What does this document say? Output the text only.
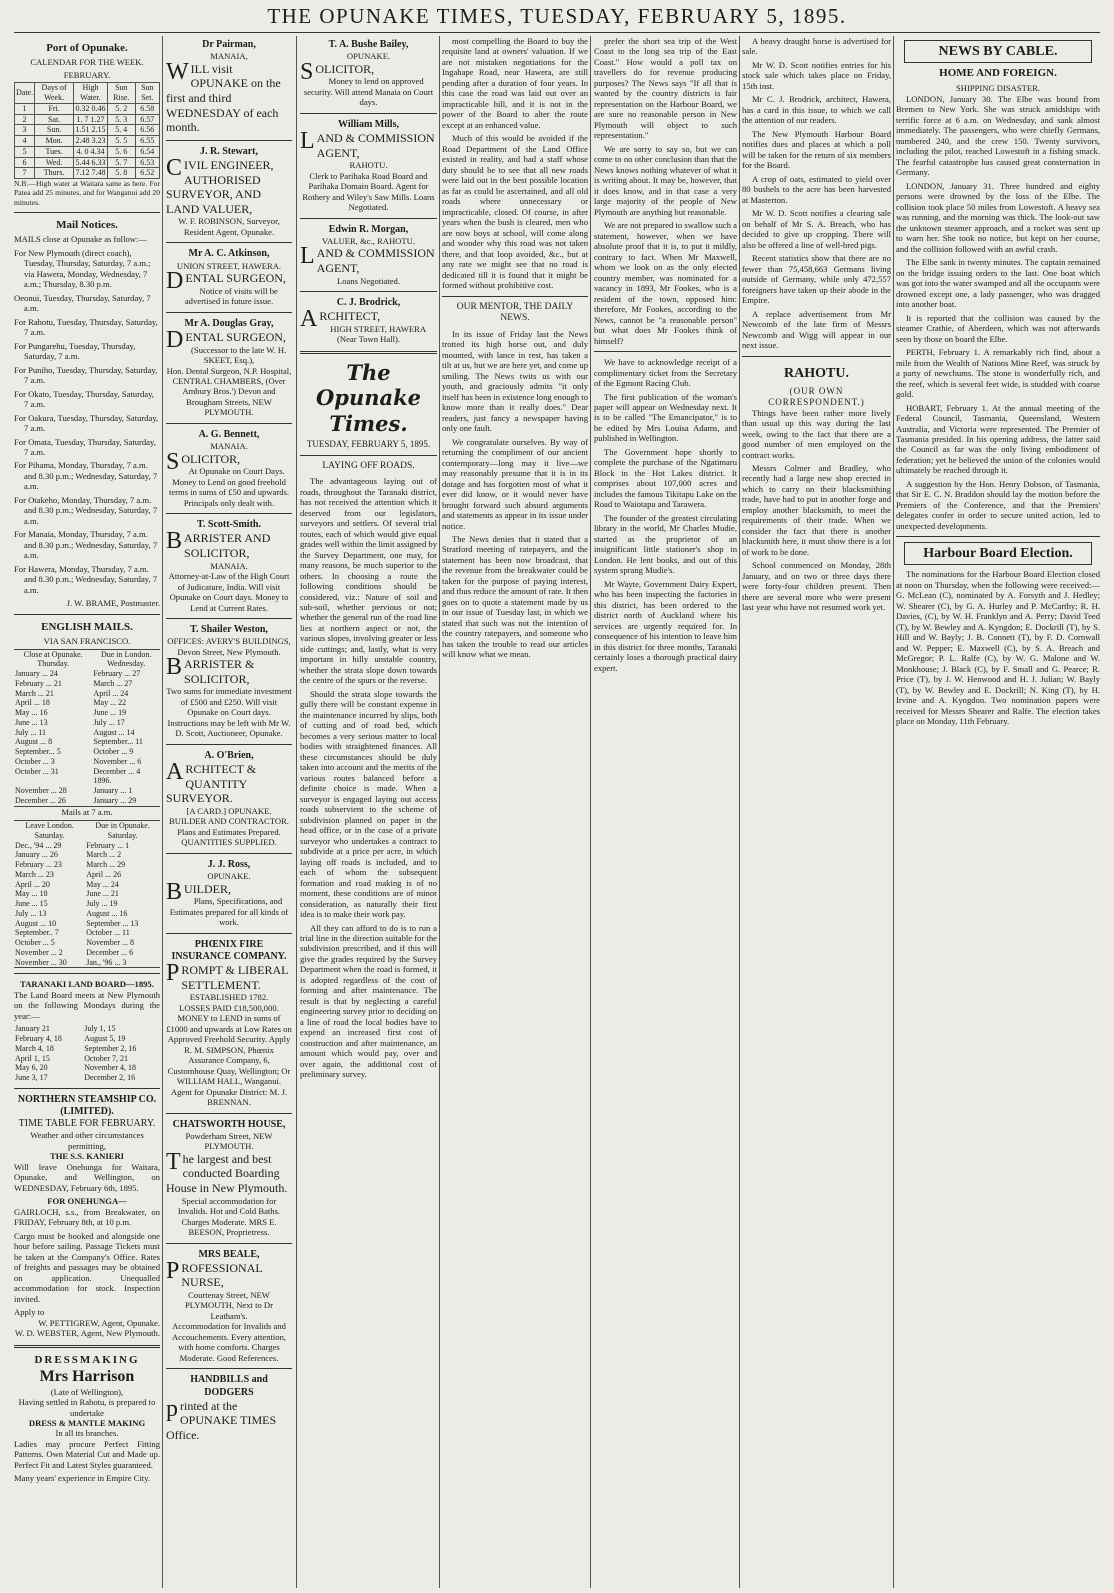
THE OPUNAKE TIMES, TUESDAY, FEBRUARY 5, 1895.
Port of Opunake.
CALENDAR FOR THE WEEK.
FEBRUARY.
Date.	Days of Week.	High Water.	Sun Rise.	Sun Set.
1	Fri.	0.32 0.46	5. 2	6.58
2	Sat.	1. 7 1.27	5. 3	6.57
3	Sun.	1.51 2.15	5. 4	6.56
4	Mon.	2.48 3.23	5. 5	6.55
5	Tues.	4. 0 4.34	5. 6	6.54
6	Wed.	5.44 6.33	5. 7	6.53
7	Thurs.	7.12 7.48	5. 8	6.52

N.B.—High water at Waitara same as here. For Patea add 25 minutes, and for Wanganui add 20 minutes.

Mail Notices.

MAILS close at Opunake as follow:—

For New Plymouth (direct coach), Tuesday, Thursday, Saturday, 7 a.m.; via Hawera, Monday, Wednesday, 7 a.m.; Thursday, 8.30 p.m.

Oeonui, Tuesday, Thursday, Saturday, 7 a.m.

For Rahotu, Tuesday, Thursday, Saturday, 7 a.m.

For Pungarehu, Tuesday, Thursday, Saturday, 7 a.m.

For Puniho, Tuesday, Thursday, Saturday, 7 a.m.

For Okato, Tuesday, Thursday, Saturday, 7 a.m.

For Oakura, Tuesday, Thursday, Saturday, 7 a.m.

For Omata, Tuesday, Thursday, Saturday, 7 a.m.

For Pihama, Monday, Thursday, 7 a.m. and 8.30 p.m.; Wednesday, Saturday, 7 a.m.

For Otakeho, Monday, Thursday, 7 a.m. and 8.30 p.m.; Wednesday, Saturday, 7 a.m.

For Manaia, Monday, Thursday, 7 a.m. and 8.30 p.m.; Wednesday, Saturday, 7 a.m.

For Hawera, Monday, Thursday, 7 a.m. and 8.30 p.m.; Wednesday, Saturday, 7 a.m.

J. W. BRAME, Postmaster.
ENGLISH MAILS.
VIA SAN FRANCISCO.
Close at Opunake.	Due in London.
Thursday.	Wednesday.
January ... 24	February ... 27
February ... 21	March ... 27
March ... 21	April ... 24
April ... 18	May ... 22
May ... 16	June ... 19
June ... 13	July ... 17
July ... 11	August ... 14
August ... 8	September... 11
September... 5	October ... 9
October ... 3	November ... 6
October ... 31	December ... 4
	1896.
November ... 28	January ... 1
December ... 26	January ... 29
Mails at 7 a.m.
Leave London.	Due in Opunake.
Saturday.	Saturday.
Dec., '94 ... 29	February ... 1
January ... 26	March ... 2
February ... 23	March ... 29
March ... 23	April ... 26
April ... 20	May ... 24
May ... 18	June ... 21
June ... 15	July ... 19
July ... 13	August ... 16
August ... 10	September ... 13
September.. 7	October ... 11
October ... 5	November ... 8
November ... 2	December ... 6
November ... 30	Jan., '96 ... 3
TARANAKI LAND BOARD—1895.

The Land Board meets at New Plymouth on the following Mondays during the year:—

January 21	July 1, 15
February 4, 18	August 5, 19
March 4, 18	September 2, 16
April 1, 15	October 7, 21
May 6, 20	November 4, 18
June 3, 17	December 2, 16
NORTHERN STEAMSHIP CO. (LIMITED).
TIME TABLE FOR FEBRUARY.
Weather and other circumstances permitting,
THE S.S. KANIERI

Will leave Onehunga for Waitara, Opunake, and Wellington, on WEDNESDAY, February 6th, 1895.

FOR ONEHUNGA—

GAIRLOCH, s.s., from Breakwater, on FRIDAY, February 8th, at 10 p.m.

Cargo must be booked and alongside one hour before sailing. Passage Tickets must be taken at the Company's Office. Rates of freights and passages may be obtained on application. Unequalled accommodation for stock. Inspection invited.

Apply to
W. PETTIGREW, Agent, Opunake.
W. D. WEBSTER, Agent, New Plymouth.
DRESSMAKING
Mrs Harrison
(Late of Wellington),
Having settled in Rahotu, is prepared to undertake
DRESS & MANTLE MAKING
In all its branches.

Ladies may procure Perfect Fitting Patterns. Own Material Cut and Made up. Perfect Fit and Latest Styles guaranteed.

Many years' experience in Empire City.

Dr Pairman,
MANAIA,
WILL visit OPUNAKE on the first and third WEDNESDAY of each month.
J. R. Stewart,
CIVIL ENGINEER, AUTHORISED SURVEYOR, AND LAND VALUER,

W. F. ROBINSON, Surveyor, Resident Agent, Opunake.

Mr A. C. Atkinson,
UNION STREET, HAWERA.
DENTAL SURGEON,

Notice of visits will be advertised in future issue.

Mr A. Douglas Gray,
DENTAL SURGEON,
(Successor to the late W. H. SKEET, Esq.),

Hon. Dental Surgeon, N.P. Hospital, CENTRAL CHAMBERS, (Over Ambury Bros.') Devon and Brougham Streets, NEW PLYMOUTH.

A. G. Bennett,
MANAIA.
SOLICITOR,

At Opunake on Court Days. Money to Lend on good freehold terms in sums of £50 and upwards. Principals only dealt with.

T. Scott-Smith.
BARRISTER AND SOLICITOR,
MANAIA.

Attorney-at-Law of the High Court of Judicature, India. Will visit Opunake on Court days. Money to Lend at Current Rates.

T. Shailer Weston,
OFFICES: AVERY'S BUILDINGS, Devon Street, New Plymouth.
BARRISTER & SOLICITOR,

Two sums for immediate investment of £500 and £250. Will visit Opunake on Court days. Instructions may be left with Mr W. D. Scott, Auctioneer, Opunake.

A. O'Brien,
ARCHITECT & QUANTITY SURVEYOR.
[A CARD.] OPUNAKE.

BUILDER AND CONTRACTOR. Plans and Estimates Prepared. QUANTITIES SUPPLIED.

J. J. Ross,
OPUNAKE.
BUILDER,

Plans, Specifications, and Estimates prepared for all kinds of work.

PHŒNIX FIRE INSURANCE COMPANY.
PROMPT & LIBERAL SETTLEMENT.
ESTABLISHED 1782.

LOSSES PAID £18,500,000. MONEY to LEND in sums of £1000 and upwards at Low Rates on Approved Freehold Security. Apply R. M. SIMPSON, Phœnix Assurance Company, 6, Customhouse Quay, Wellington; Or WILLIAM HALL, Wanganui. Agent for Opunake District: M. J. BRENNAN.

CHATSWORTH HOUSE,
Powderham Street, NEW PLYMOUTH.
The largest and best conducted Boarding House in New Plymouth.

Special accommodation for Invalids. Hot and Cold Baths. Charges Moderate. MRS E. BEESON, Proprietress.

MRS BEALE,
PROFESSIONAL NURSE,
Courtenay Street, NEW PLYMOUTH, Next to Dr Leatham's.

Accommodation for Invalids and Accouchements. Every attention, with home comforts. Charges Moderate. Good References.

HANDBILLS and DODGERS
printed at the OPUNAKE TIMES Office.
T. A. Bushe Bailey,
OPUNAKE.
SOLICITOR,

Money to lend on approved security. Will attend Manaia on Court days.

William Mills,
LAND & COMMISSION AGENT,
RAHOTU.

Clerk to Parihaka Road Board and Parihaka Domain Board. Agent for Rothery and Wiley's Saw Mills. Loans Negotiated.

Edwin R. Morgan,
VALUER, &c., RAHOTU.
LAND & COMMISSION AGENT,

Loans Negotiated.

C. J. Brodrick,
ARCHITECT,
HIGH STREET, HAWERA

(Near Town Hall).

The Opunake Times.
TUESDAY, FEBRUARY 5, 1895.
LAYING OFF ROADS.

The advantageous laying out of roads, throughout the Taranaki district, has not received the attention which it deserved from our legislators, surveyors and settlers. Of several trial routes, each of which would give equal grades well within the limit assigned by the Survey Department, one may, for many reasons, be much superior to the others. In choosing a route the following conditions should be considered, viz.: Nature of soil and sub-soil, whether pervious or not; whether the general run of the road line lies at northern aspect or not, the various slopes, involving greater or less side cuttings; and, lastly, what is very important in hilly unstable country, whether the strata slope down towards the centre of the spurs or the reverse.

Should the strata slope towards the gully there will be constant expense in the maintenance incurred by slips, both of cutting and of road bed, which becomes a very serious matter to local bodies with straightened finances. All these circumstances should be duly taken into account and the merits of the various routes balanced before a definite choice is made. When a surveyor is engaged laying out access roads subservient to the scheme of subdivision planned on paper in the head office, or in the case of a private surveyor who undertakes a contract to subdivide at a price per acre, in which laying off roads is included, and to each of whom the subsequent formation and road making is of no moment, these conditions are of minor consideration, as naturally their first idea is to make their work pay.

All they can afford to do is to run a trial line in the direction suitable for the subdivision prescribed, and if this will give the grades required by the Survey Department when the road is formed, it is adopted regardless of the cost of forming and after maintenance. The result is that by neglecting a careful engineering survey prior to deciding on a line of road the local bodies have to expend an increased first cost of construction and after maintenance, an amount which would pay, over and over again, the additional cost of preliminary survey.

most compelling the Board to buy the requisite land at owners' valuation. If we are not mistaken negotiations for the Ingahape Road, near Hawera, are still pending after a duration of four years. In this case the road was laid out over an impracticable hill, and it is not in the power of the Board to alter the route except at an enhanced value.

Much of this would be avoided if the Road Department of the Land Office existed in reality, and had a staff whose duty should be to see that all new roads were laid out in the best possible location as far as could be ascertained, and all old roads where unnecessary or impracticable, closed. Of course, in after years when the bush is cleared, men who are now boys at school, will come along and wonder why this road was not taken there, and that loop avoided, &c., but at any rate we might see that no road is dedicated till it is found that it might be formed without prohibitive cost.

OUR MENTOR, THE DAILY NEWS.

In its issue of Friday last the News trotted its high horse out, and duly mounted, with lance in rest, has taken a tilt at us, but we are here yet, and come up smiling. The News twits us with our youth, and graciously admits "it only itself has been in existence long enough to know more than it really does." Dear readers, just fancy a newspaper having only one fault.

We congratulate ourselves. By way of returning the compliment of our ancient contemporary—long may it live—we may reasonably presume that it is in its dotage and has forgotten most of what it ever did know, or it would never have brought forward such absurd arguments and statements as appear in its issue under notice.

The News denies that it stated that a Stratford meeting of ratepayers, and the statement has been now broadcast, that the revenue from the breakwater could be taken for the purpose of paying interest, and thus reduce the amount of rate. It then goes on to quote a statement made by us in our issue of Tuesday last, in which we stated that such was not the intention of the country ratepayers, and someone who has taken the trouble to read our articles will know what we mean.

prefer the short sea trip of the West Coast to the long sea trip of the East Coast." How would a poll tax on travellers do for revenue producing purposes? The News says "If all that is wanted by the country districts is fair representation on the Harbour Board, we are sure no reasonable person in New Plymouth will object to such representation."

We are sorry to say so, but we can come to no other conclusion than that the News knows nothing whatever of what it is writing about. It may be, however, that it does know, and in that case a very large majority of the people of New Plymouth are anything but reasonable.

We are not prepared to swallow such a statement, however, when we have absolute proof that it is, to put it mildly, contrary to fact. When Mr Maxwell, whom we look on as the only elected country member, was nominated for a vacancy in 1893, Mr Fookes, who is a resident of the town, opposed him: therefore, Mr Fookes, according to the News, cannot be "a reasonable person" but what does Mr Fookes think of himself?

We have to acknowledge receipt of a complimentary ticket from the Secretary of the Egmont Racing Club.

The first publication of the woman's paper will appear on Wednesday next. It is to be called "The Emancipator," is to be edited by Mrs Louisa Adams, and published in Wellington.

The Government hope shortly to complete the purchase of the Ngatimaru Block in the Hot Lakes district. It comprises about 107,000 acres and includes the famous Tikitapu Lake on the Road to Waiotapu and Tarawera.

The founder of the greatest circulating library in the world, Mr Charles Mudie, started as the proprietor of an insignificant little stationer's shop in London. He lent books, and out of this system sprang Mudie's.

Mr Wayte, Government Dairy Expert, who has been inspecting the factories in this district, has been ordered to the district north of Auckland where his services are urgently required for. In consequence of his intention to leave him in this district for three months, Taranaki certainly loses a thorough practical dairy expert.

A heavy draught horse is advertised for sale.

Mr W. D. Scott notifies entries for his stock sale which takes place on Friday, 15th inst.

Mr C. J. Brodrick, architect, Hawera, has a card in this issue, to which we call the attention of our readers.

The New Plymouth Harbour Board notifies dues and places at which a poll will be taken for the return of six members for the Board.

A crop of oats, estimated to yield over 80 bushels to the acre has been harvested at Masterton.

Mr W. D. Scott notifies a clearing sale on behalf of Mr S. A. Breach, who has decided to give up cropping. There will also be offered a line of well-bred pigs.

Recent statistics show that there are no fewer than 75,458,663 Germans living outside of Germany, while only 472,557 foreigners have taken up their abode in the Empire.

A replace advertisement from Mr Newcomb of the late firm of Messrs Newcomb and Wigg will appear in our next issue.

RAHOTU.
(OUR OWN CORRESPONDENT.)

Things have been rather more lively than usual up this way during the last week, owing to the fact that there are a good number of men employed on the contract works.

Messrs Colmer and Bradley, who recently had a large new shop erected in which to carry on their blacksmithing trade, have had to put in another forge and employ another blacksmith, to meet the requirements of their trade. When we consider the fact that there is another blacksmith here, it must show there is a lot of work to be done.

School commenced on Monday, 28th January, and on two or three days there were forty-four children present. Then there are several more who were present last year who have not resumed work yet.

NEWS BY CABLE.
HOME AND FOREIGN.
SHIPPING DISASTER.

LONDON, January 30. The Elbe was bound from Bremen to New York. She was struck amidships with terrific force at 6 a.m. on Wednesday, and sank almost immediately. The passengers, who were chiefly Germans, numbered 240, and the crew 150. Twenty survivors, including the pilot, reached Lowestoft in a fishing smack. The fearful catastrophe has caused great consternation in Germany.

LONDON, January 31. Three hundred and eighty persons were drowned by the loss of the Elbe. The collision took place 50 miles from Lowestoft. A heavy sea was running, and the morning was thick. The look-out saw the unknown steamer approach, and a rocket was sent up to warn her. She took no notice, but kept on her course, and the collision followed with an awful crash.

The Elbe sank in twenty minutes. The captain remained on the bridge issuing orders to the last. One boat which was got into the water swamped and all the occupants were drowned except one, a lady passenger, who was dragged into another boat.

It is reported that the collision was caused by the steamer Crathie, of Aberdeen, which was not afterwards seen by those on board the Elbe.

PERTH, February 1. A remarkably rich find, about a mile from the Wealth of Nations Mine Reef, was struck by a party of newchums. The stone is wonderfully rich, and the reef, which is several feet wide, is studded with coarse gold.

HOBART, February 1. At the annual meeting of the Federal Council, Tasmania, Queensland, Western Australia, and Victoria were represented. The Premier of Tasmania presided. In his opening address, the latter said the Council as far was the only living embodiment of federation; yet he believed the union of the colonies would ultimately be reached through it.

A suggestion by the Hon. Henry Dobson, of Tasmania, that Sir E. C. N. Braddon should lay the motion before the Premiers of the Conference, and that the Premiers' delegates confer in order to secure united action, led to unexpected developments.

Harbour Board Election.

The nominations for the Harbour Board Election closed at noon on Thursday, when the following were received:—G. McLean (C), nominated by A. Forsyth and J. Hedley; W. Shearer (C), by G. A. Hurley and P. McCarthy; R. H. Davies, (C), by W. H. Franklyn and A. Perry; David Teed (T), by W. Bewley and A. Kyngdon; E. Dockrill (T), by S. Hill and W. Bayly; J. B. Connett (T), by F. D. Cornwall and W. Pepper; E. Maxwell (C), by S. A. Breach and McGregor; P. L. Ralfe (C), by W. G. Malone and W. Monkhouse; J. Black (C), by F. Small and G. Pearce; R. Price (T), by J. W. Henwood and H. J. Julian; W. Bayly (T), by W. Bewley and E. Dockrill; N. King (T), by H. Irvine and A. Kyngdon. Two nomination papers were received for Messrs Shearer and Ralfe. The election takes place on Monday, 11th February.
